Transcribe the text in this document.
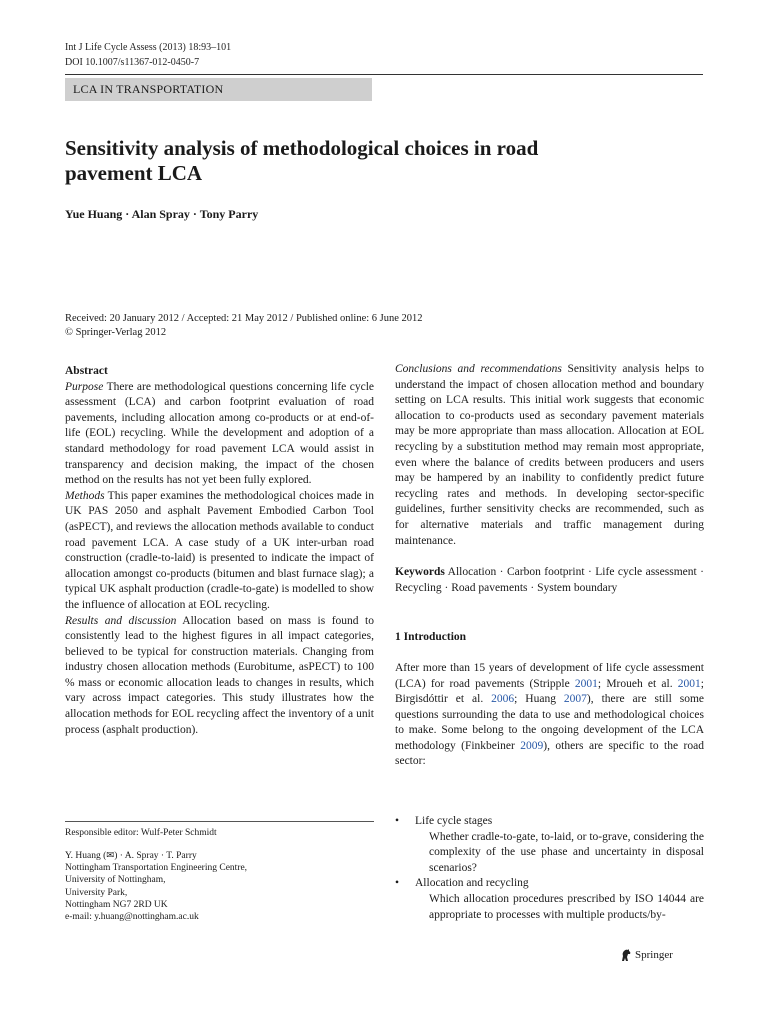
Int J Life Cycle Assess (2013) 18:93–101
DOI 10.1007/s11367-012-0450-7
LCA IN TRANSPORTATION
Sensitivity analysis of methodological choices in road
pavement LCA
Yue Huang · Alan Spray · Tony Parry
Received: 20 January 2012 / Accepted: 21 May 2012 / Published online: 6 June 2012
© Springer-Verlag 2012

Abstract

Purpose There are methodological questions concerning life cycle assessment (LCA) and carbon footprint evaluation of road pavements, including allocation among co-products or at end-of-life (EOL) recycling. While the development and adoption of a standard methodology for road pavement LCA would assist in transparency and decision making, the impact of the chosen method on the results has not yet been fully explored.

Methods This paper examines the methodological choices made in UK PAS 2050 and asphalt Pavement Embodied Carbon Tool (asPECT), and reviews the allocation methods available to conduct road pavement LCA. A case study of a UK inter-urban road construction (cradle-to-laid) is presented to indicate the impact of allocation amongst co-products (bitumen and blast furnace slag); a typical UK asphalt production (cradle-to-gate) is modelled to show the influence of allocation at EOL recycling.

Results and discussion Allocation based on mass is found to consistently lead to the highest figures in all impact categories, believed to be typical for construction materials. Changing from industry chosen allocation methods (Eurobitume, asPECT) to 100 % mass or economic allocation leads to changes in results, which vary across impact categories. This study illustrates how the allocation methods for EOL recycling affect the inventory of a unit process (asphalt production).

Responsible editor: Wulf-Peter Schmidt
Y. Huang (✉) · A. Spray · T. Parry
Nottingham Transportation Engineering Centre,
University of Nottingham,
University Park,
Nottingham NG7 2RD UK
e-mail: y.huang@nottingham.ac.uk

Conclusions and recommendations Sensitivity analysis helps to understand the impact of chosen allocation method and boundary setting on LCA results. This initial work suggests that economic allocation to co-products used as secondary pavement materials may be more appropriate than mass allocation. Allocation at EOL recycling by a substitution method may remain most appropriate, even where the balance of credits between producers and users may be hampered by an inability to confidently predict future recycling rates and methods. In developing sector-specific guidelines, further sensitivity checks are recommended, such as for alternative materials and traffic management during maintenance.

Keywords Allocation · Carbon footprint · Life cycle assessment · Recycling · Road pavements · System boundary

1 Introduction

After more than 15 years of development of life cycle assessment (LCA) for road pavements (Stripple 2001; Mroueh et al. 2001; Birgisdóttir et al. 2006; Huang 2007), there are still some questions surrounding the data to use and methodological choices to make. Some belong to the ongoing development of the LCA methodology (Finkbeiner 2009), others are specific to the road sector:

• Life cycle stages
Whether cradle-to-gate, to-laid, or to-grave, considering the complexity of the use phase and uncertainty in disposal scenarios?
• Allocation and recycling
Which allocation procedures prescribed by ISO 14044 are appropriate to processes with multiple products/by-
Springer
